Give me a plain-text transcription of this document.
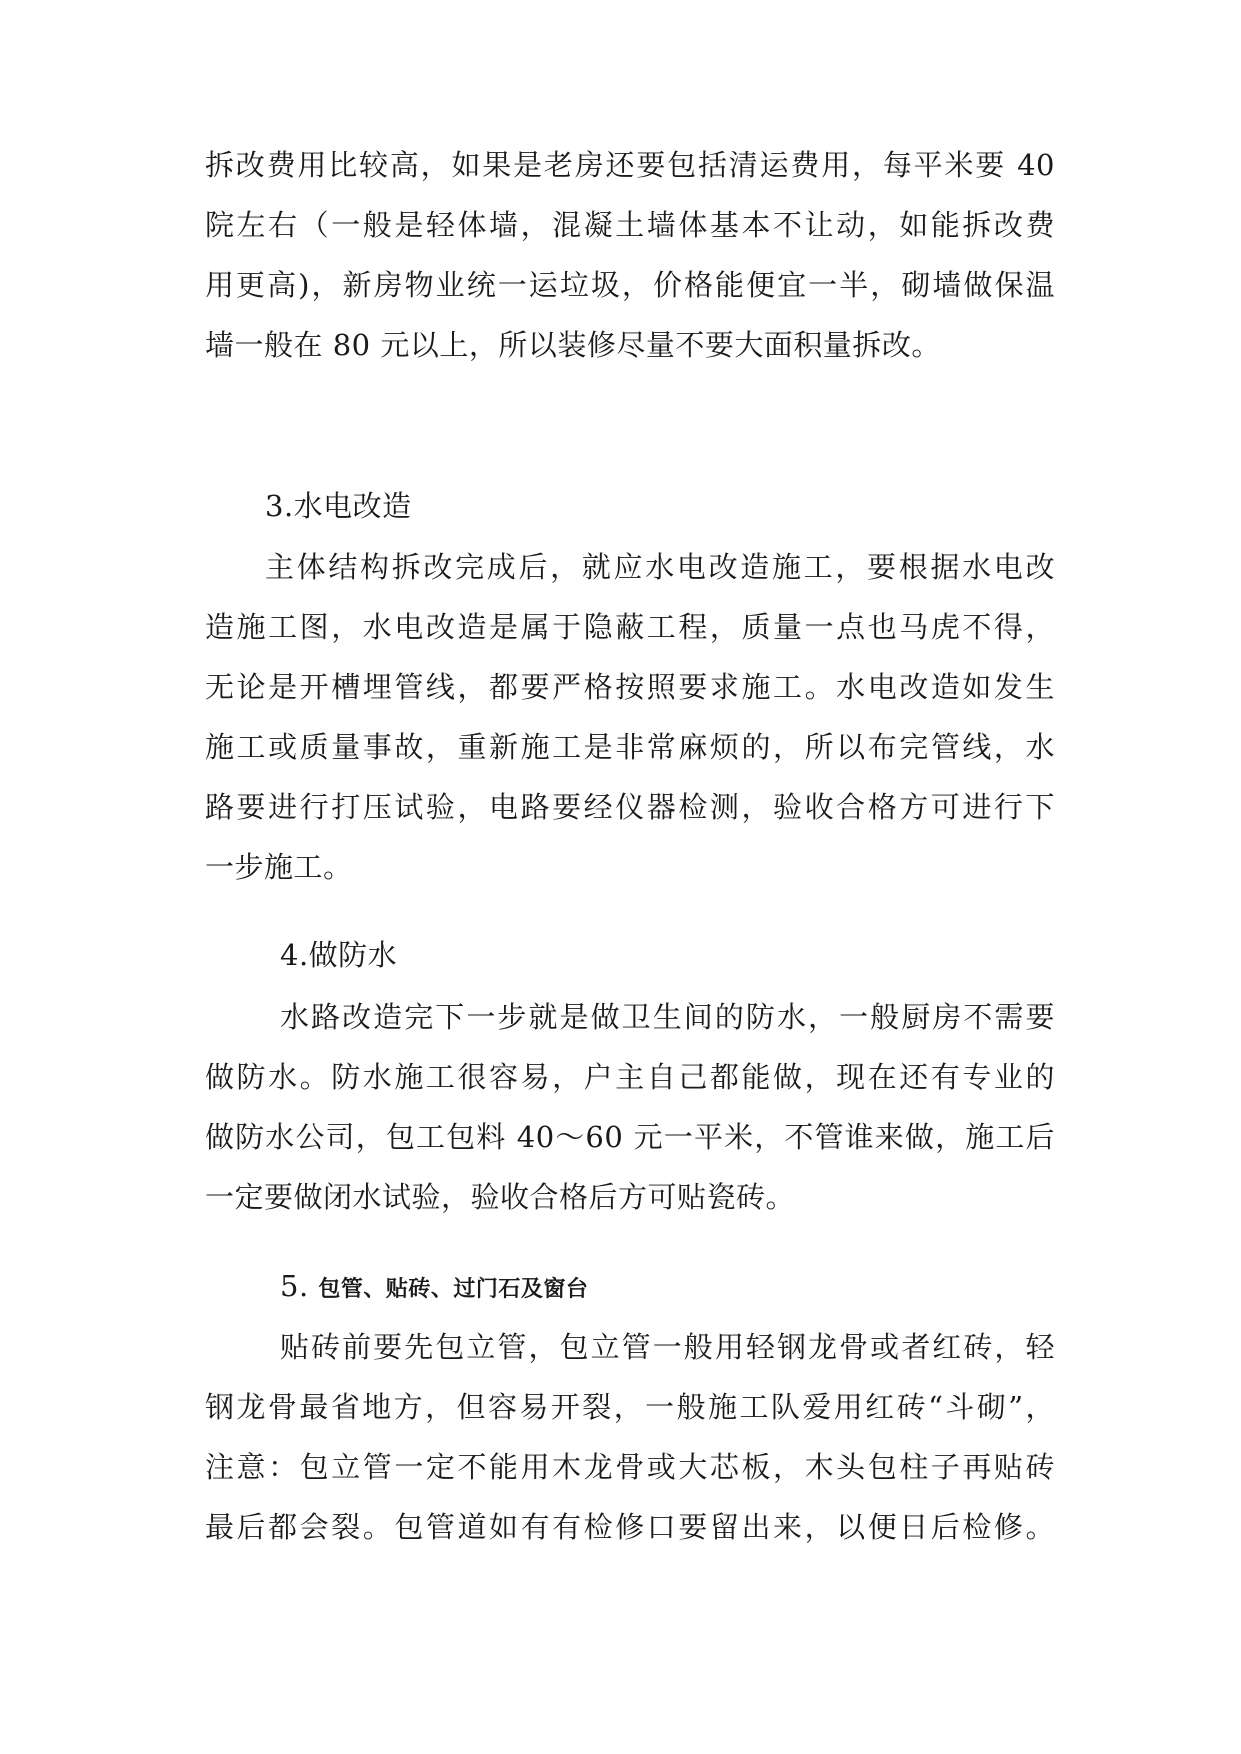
拆改费用比较高，如果是老房还要包括清运费用，每平米要 40
院左右（一般是轻体墙，混凝土墙体基本不让动，如能拆改费
用更高)，新房物业统一运垃圾，价格能便宜一半，砌墙做保温
墙一般在 80 元以上，所以装修尽量不要大面积量拆改。
3.水电改造
主体结构拆改完成后，就应水电改造施工，要根据水电改
造施工图，水电改造是属于隐蔽工程，质量一点也马虎不得，
无论是开槽埋管线，都要严格按照要求施工。水电改造如发生
施工或质量事故，重新施工是非常麻烦的，所以布完管线，水
路要进行打压试验，电路要经仪器检测，验收合格方可进行下
一步施工。
4.做防水
水路改造完下一步就是做卫生间的防水，一般厨房不需要
做防水。防水施工很容易，户主自己都能做，现在还有专业的
做防水公司，包工包料 40～60 元一平米，不管谁来做，施工后
一定要做闭水试验，验收合格后方可贴瓷砖。
5. 包管、贴砖、过门石及窗台
贴砖前要先包立管，包立管一般用轻钢龙骨或者红砖，轻
钢龙骨最省地方，但容易开裂，一般施工队爱用红砖“斗砌”，
注意：包立管一定不能用木龙骨或大芯板，木头包柱子再贴砖
最后都会裂。包管道如有有检修口要留出来，以便日后检修。
